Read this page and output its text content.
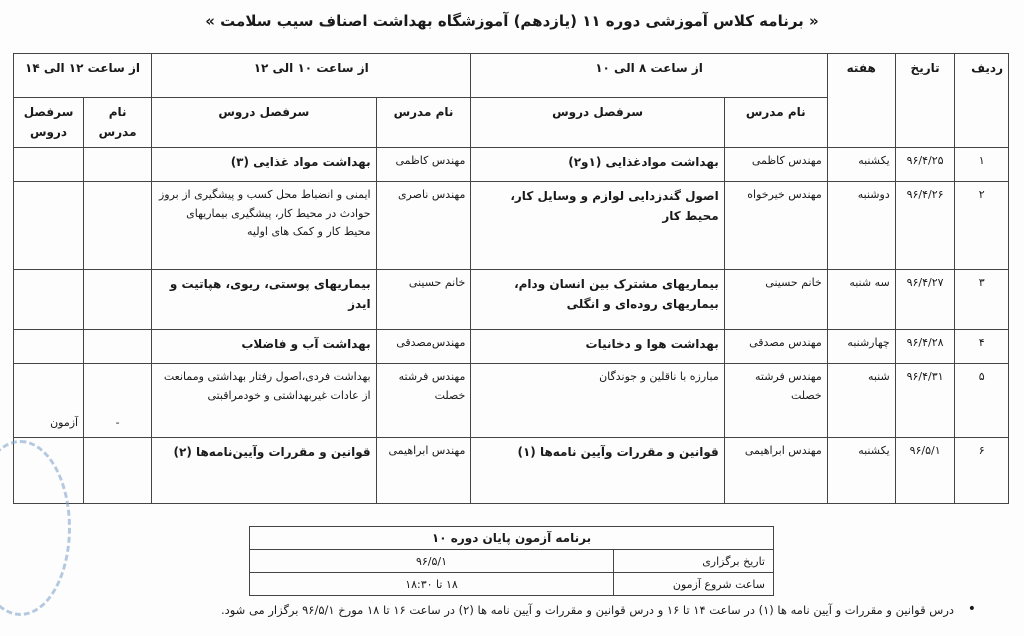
« برنامه کلاس آموزشی دوره ۱۱ (یازدهم) آموزشگاه بهداشت اصناف سیب سلامت »
ردیف	تاریخ	هفته	از ساعت ۸ الی ۱۰		از ساعت ۱۰ الی ۱۲		از ساعت ۱۲ الی ۱۴	
			نام مدرس	سرفصل دروس	نام مدرس	سرفصل دروس	نام مدرس	سرفصل دروس
۱	۹۶/۴/۲۵	یکشنبه	مهندس کاظمی	بهداشت موادغذایی (۱و۲)	مهندس کاظمی	بهداشت مواد غذایی (۳)		
۲	۹۶/۴/۲۶	دوشنبه	مهندس خیرخواه	اصول گندزدایی لوازم و وسایل کار، محیط کار	مهندس ناصری	ایمنی و انضباط محل کسب و پیشگیری از بروز حوادث در محیط کار، پیشگیری بیماریهای محیط کار و کمک های اولیه		
۳	۹۶/۴/۲۷	سه شنبه	خانم حسینی	بیماریهای مشترک بین انسان ودام، بیماریهای روده‌ای و انگلی	خانم حسینی	بیماریهای پوستی، ریوی، هپاتیت و ایدز		
۴	۹۶/۴/۲۸	چهارشنبه	مهندس مصدقی	بهداشت هوا و دخانیات	مهندس‌مصدقی	بهداشت آب و فاضلاب		
۵	۹۶/۴/۳۱	شنبه	مهندس فرشته خصلت	مبارزه با ناقلین و جوندگان	مهندس فرشته خصلت	بهداشت فردی،اصول رفتار بهداشتی وممانعت از عادات غیربهداشتی و خودمراقبتی	-	آزمون
۶	۹۶/۵/۱	یکشنبه	مهندس ابراهیمی	قوانین و مقررات وآیین نامه‌ها (۱)	مهندس ابراهیمی	قوانین و مقررات وآیین‌نامه‌ها (۲)		
برنامه آزمون پایان دوره ۱۰	
تاریخ برگزاری	۹۶/۵/۱
ساعت شروع آزمون	۱۸ تا ۱۸:۳۰
• درس قوانین و مقررات و آیین نامه ها (۱) در ساعت ۱۴ تا ۱۶ و درس قوانین و مقررات و آیین نامه ها (۲) در ساعت ۱۶ تا ۱۸ مورخ ۹۶/۵/۱ برگزار می شود.
